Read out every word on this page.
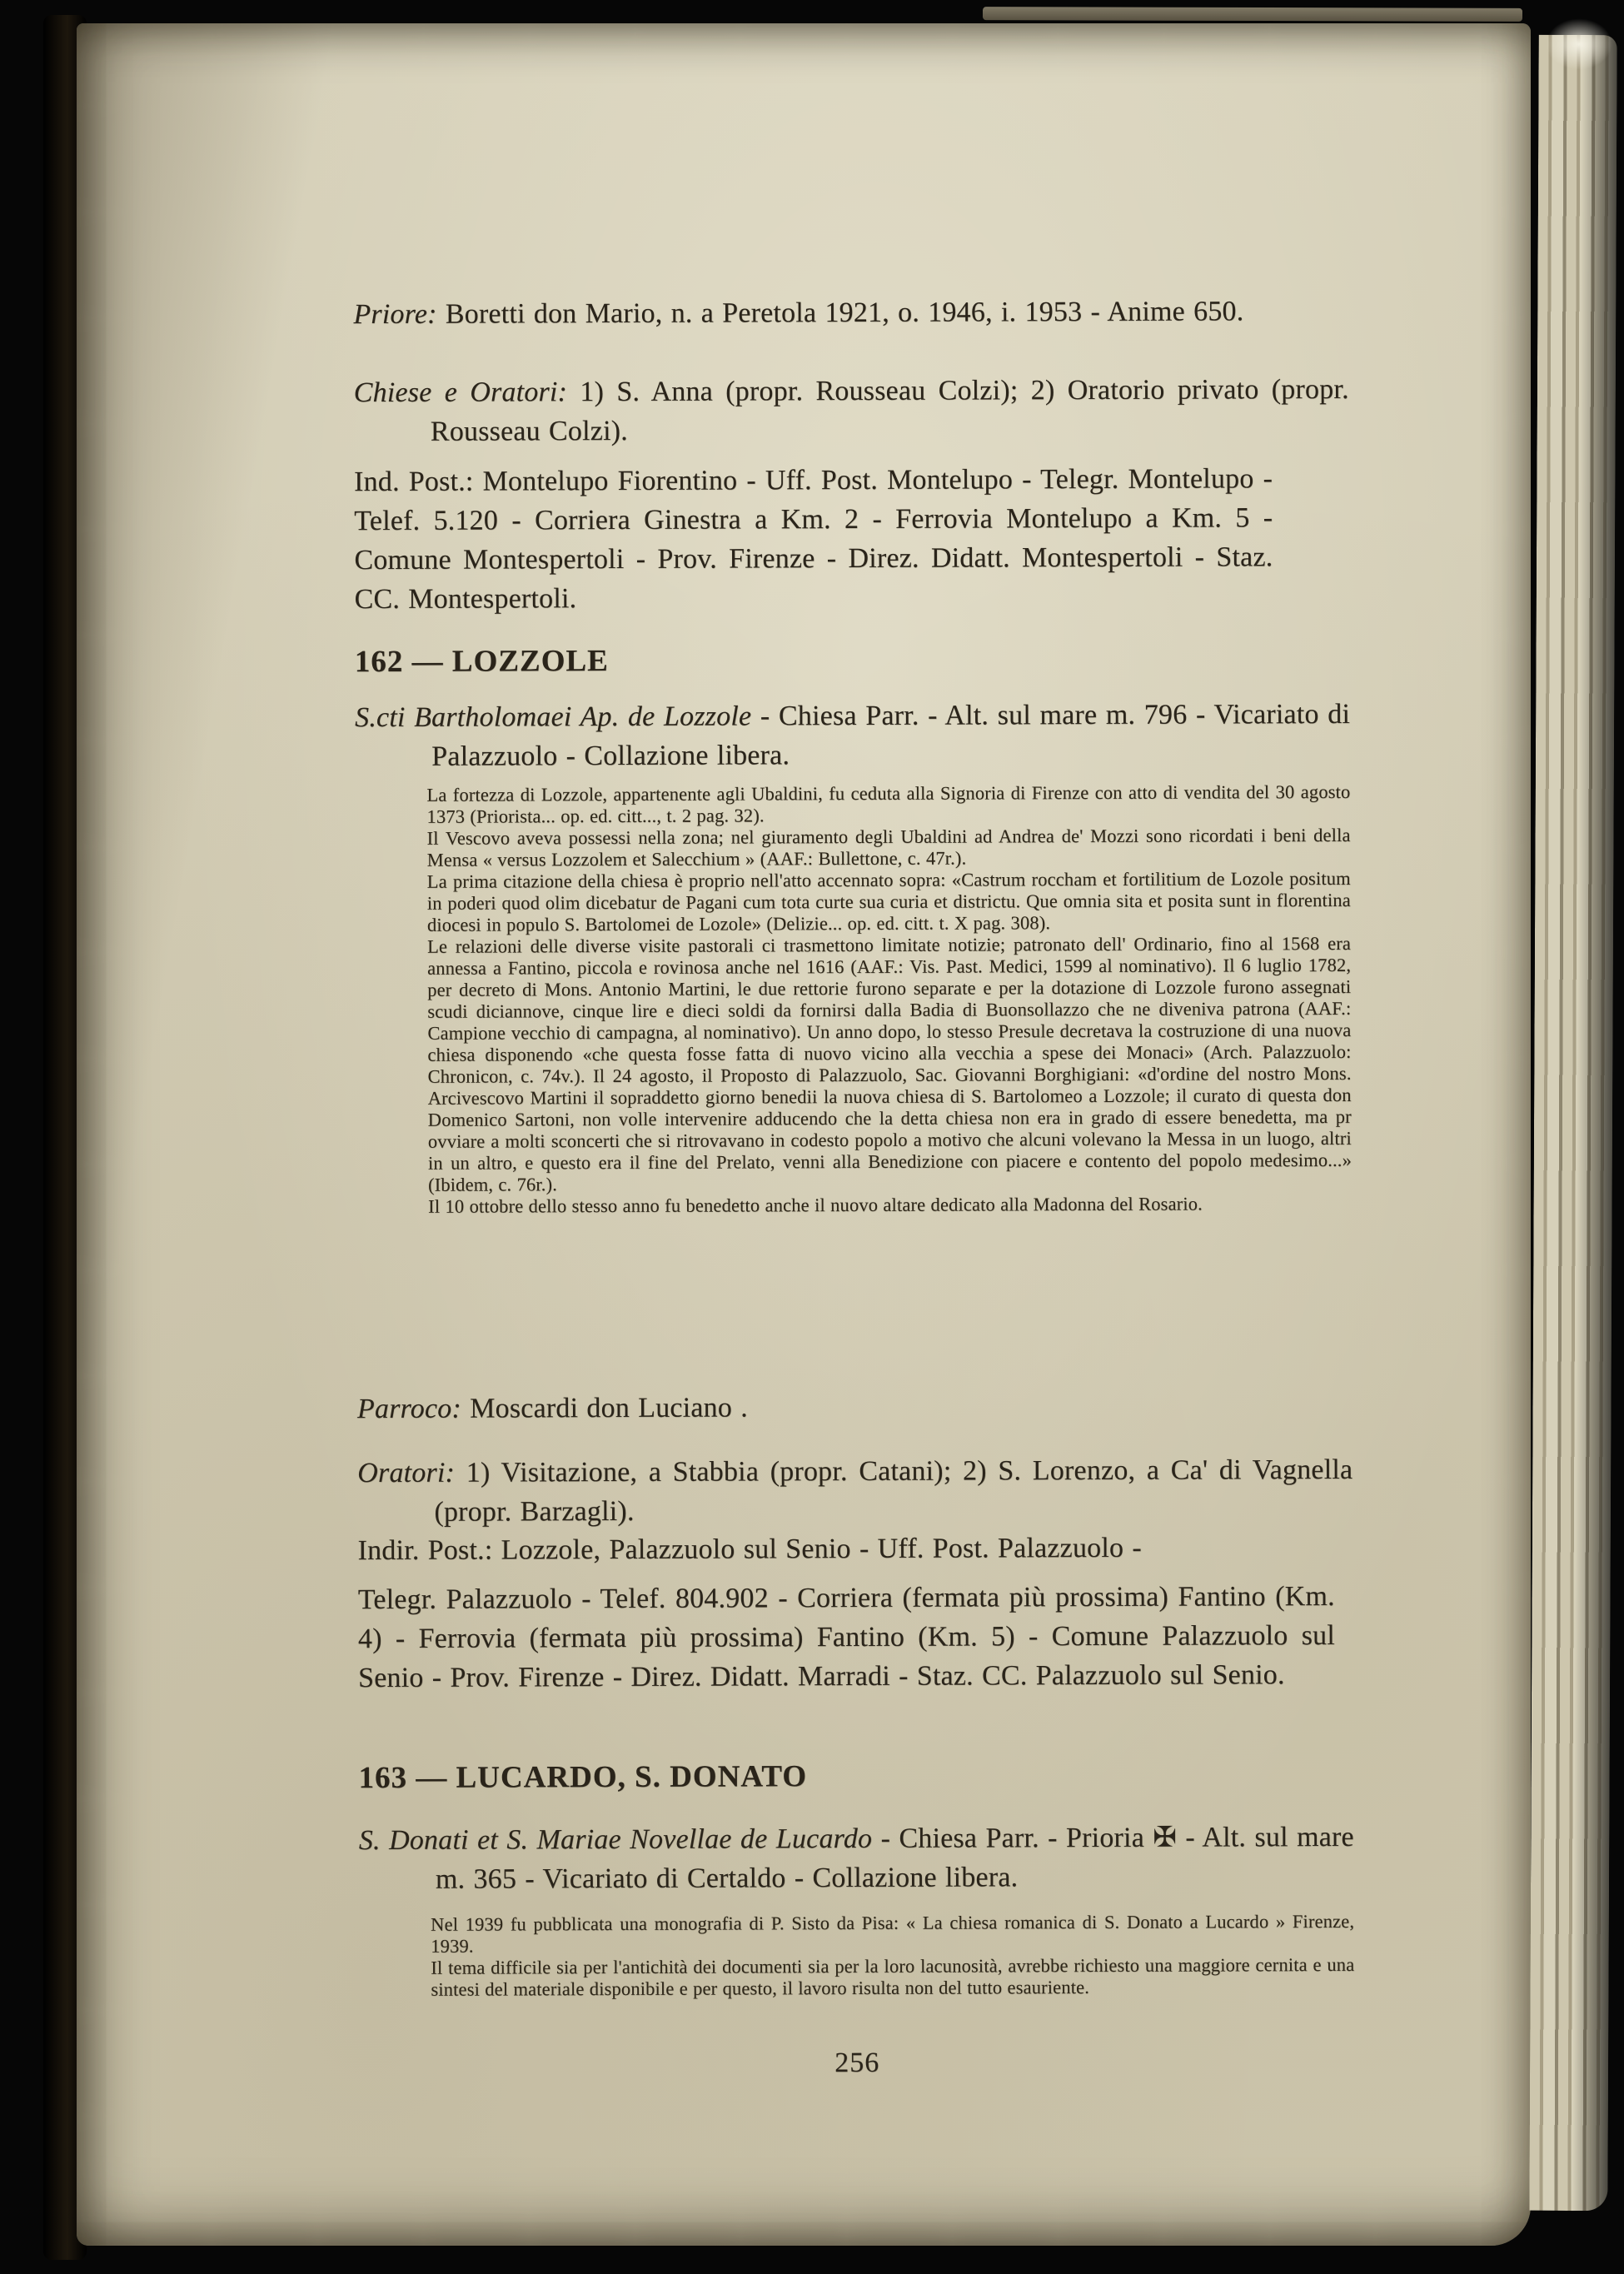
Priore: Boretti don Mario, n. a Peretola 1921, o. 1946, i. 1953 - Anime 650.

Chiese e Oratori: 1) S. Anna (propr. Rousseau Colzi); 2) Oratorio privato (propr. Rousseau Colzi).

Ind. Post.: Montelupo Fiorentino - Uff. Post. Montelupo - Telegr. Montelupo - Telef. 5.120 - Corriera Ginestra a Km. 2 - Ferrovia Montelupo a Km. 5 - Comune Montespertoli - Prov. Firenze - Direz. Didatt. Montespertoli - Staz. CC. Montespertoli.

162 — LOZZOLE

S.cti Bartholomaei Ap. de Lozzole - Chiesa Parr. - Alt. sul mare m. 796 - Vicariato di Palazzuolo - Collazione libera.

La fortezza di Lozzole, appartenente agli Ubaldini, fu ceduta alla Signoria di Firenze con atto di vendita del 30 agosto 1373 (Priorista... op. ed. citt..., t. 2 pag. 32).

Il Vescovo aveva possessi nella zona; nel giuramento degli Ubaldini ad Andrea de' Mozzi sono ricordati i beni della Mensa « versus Lozzolem et Salecchium » (AAF.: Bullettone, c. 47r.).

La prima citazione della chiesa è proprio nell'atto accennato sopra: «Castrum roccham et fortilitium de Lozole positum in poderi quod olim dicebatur de Pagani cum tota curte sua curia et districtu. Que omnia sita et posita sunt in florentina diocesi in populo S. Bartolomei de Lozole» (Delizie... op. ed. citt. t. X pag. 308).

Le relazioni delle diverse visite pastorali ci trasmettono limitate notizie; patronato dell' Ordinario, fino al 1568 era annessa a Fantino, piccola e rovinosa anche nel 1616 (AAF.: Vis. Past. Medici, 1599 al nominativo). Il 6 luglio 1782, per decreto di Mons. Antonio Martini, le due rettorie furono separate e per la dotazione di Lozzole furono assegnati scudi diciannove, cinque lire e dieci soldi da fornirsi dalla Badia di Buonsollazzo che ne diveniva patrona (AAF.: Campione vecchio di campagna, al nominativo). Un anno dopo, lo stesso Presule decretava la costruzione di una nuova chiesa disponendo «che questa fosse fatta di nuovo vicino alla vecchia a spese dei Monaci» (Arch. Palazzuolo: Chronicon, c. 74v.). Il 24 agosto, il Proposto di Palazzuolo, Sac. Giovanni Borghigiani: «d'ordine del nostro Mons. Arcivescovo Martini il sopraddetto giorno benedii la nuova chiesa di S. Bartolomeo a Lozzole; il curato di questa don Domenico Sartoni, non volle intervenire adducendo che la detta chiesa non era in grado di essere benedetta, ma pr ovviare a molti sconcerti che si ritrovavano in codesto popolo a motivo che alcuni volevano la Messa in un luogo, altri in un altro, e questo era il fine del Prelato, venni alla Benedizione con piacere e contento del popolo medesimo...» (Ibidem, c. 76r.).

Il 10 ottobre dello stesso anno fu benedetto anche il nuovo altare dedicato alla Madonna del Rosario.

Parroco: Moscardi don Luciano .

Oratori: 1) Visitazione, a Stabbia (propr. Catani); 2) S. Lorenzo, a Ca' di Vagnella (propr. Barzagli).

Indir. Post.: Lozzole, Palazzuolo sul Senio - Uff. Post. Palazzuolo -

Telegr. Palazzuolo - Telef. 804.902 - Corriera (fermata più prossima) Fantino (Km. 4) - Ferrovia (fermata più prossima) Fantino (Km. 5) - Comune Palazzuolo sul Senio - Prov. Firenze - Direz. Didatt. Marradi - Staz. CC. Palazzuolo sul Senio.

163 — LUCARDO, S. DONATO

S. Donati et S. Mariae Novellae de Lucardo - Chiesa Parr. - Prioria ✠ - Alt. sul mare m. 365 - Vicariato di Certaldo - Collazione libera.

Nel 1939 fu pubblicata una monografia di P. Sisto da Pisa: « La chiesa romanica di S. Donato a Lucardo » Firenze, 1939.

Il tema difficile sia per l'antichità dei documenti sia per la loro lacunosità, avrebbe richiesto una maggiore cernita e una sintesi del materiale disponibile e per questo, il lavoro risulta non del tutto esauriente.

256
